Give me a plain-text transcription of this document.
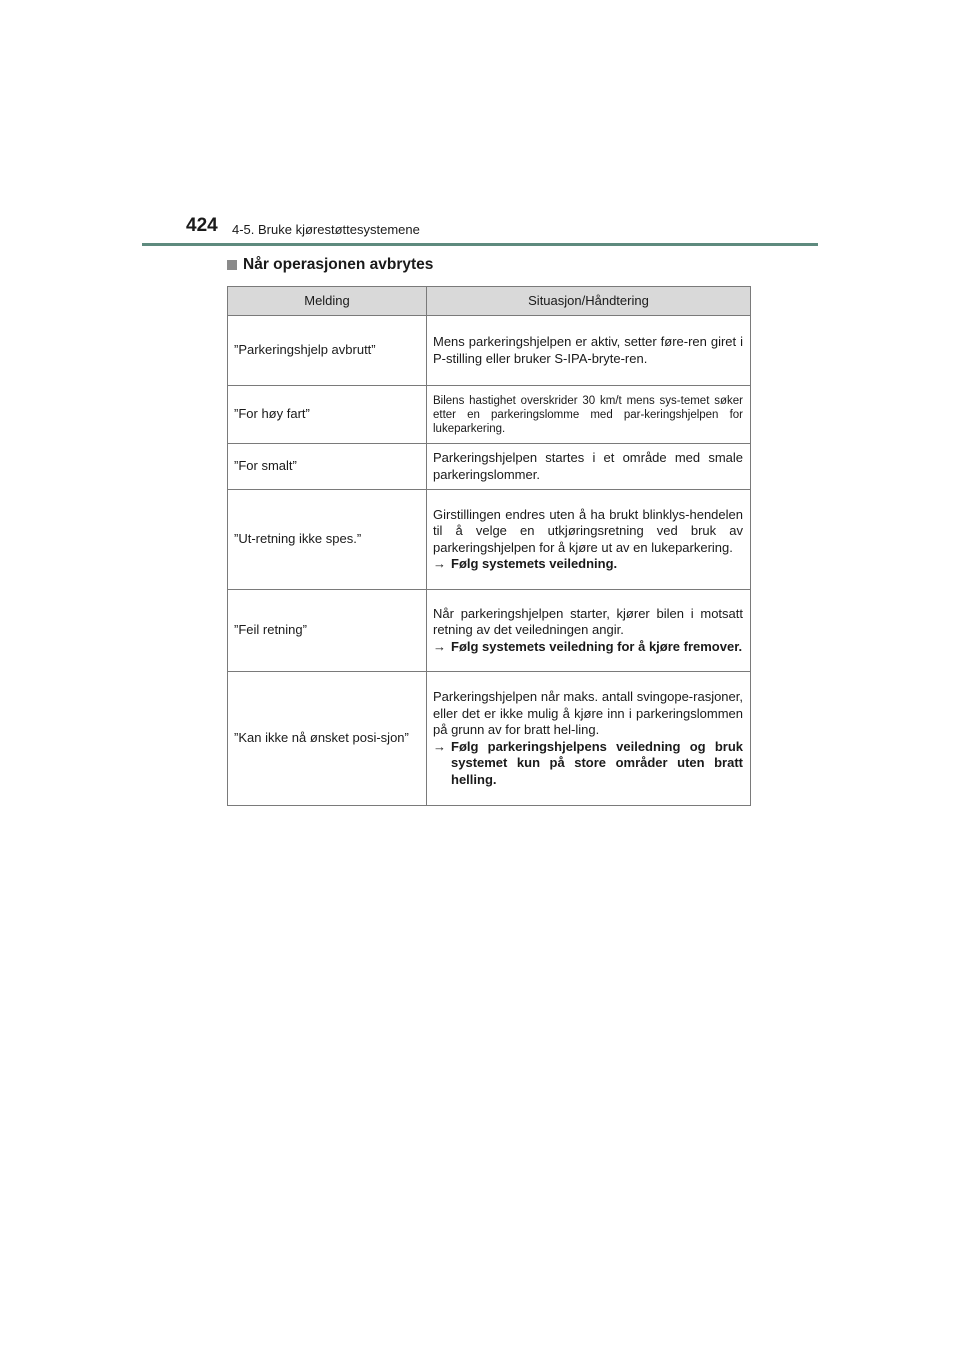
424 4-5. Bruke kjørestøttesystemene
Når operasjonen avbrytes
Melding	Situasjon/Håndtering
”Parkeringshjelp avbrutt”	Mens parkeringshjelpen er aktiv, setter føre-ren giret i P-stilling eller bruker S-IPA-bryte-ren.
”For høy fart”	Bilens hastighet overskrider 30 km/t mens sys-temet søker etter en parkeringslomme med par-keringshjelpen for lukeparkering.
”For smalt”	Parkeringshjelpen startes i et område med smale parkeringslommer.
”Ut-retning ikke spes.”	Girstillingen endres uten å ha brukt blinklys-hendelen til å velge en utkjøringsretning ved bruk av parkeringshjelpen for å kjøre ut av en lukeparkering.
→ Følg systemets veiledning.

”Feil retning”	Når parkeringshjelpen starter, kjører bilen i motsatt retning av det veiledningen angir.
→ Følg systemets veiledning for å kjøre fremover.

”Kan ikke nå ønsket posi-sjon”	Parkeringshjelpen når maks. antall svingope-rasjoner, eller det er ikke mulig å kjøre inn i parkeringslommen på grunn av for bratt hel-ling.
→ Følg parkeringshjelpens veiledning og bruk systemet kun på store områder uten bratt helling.
